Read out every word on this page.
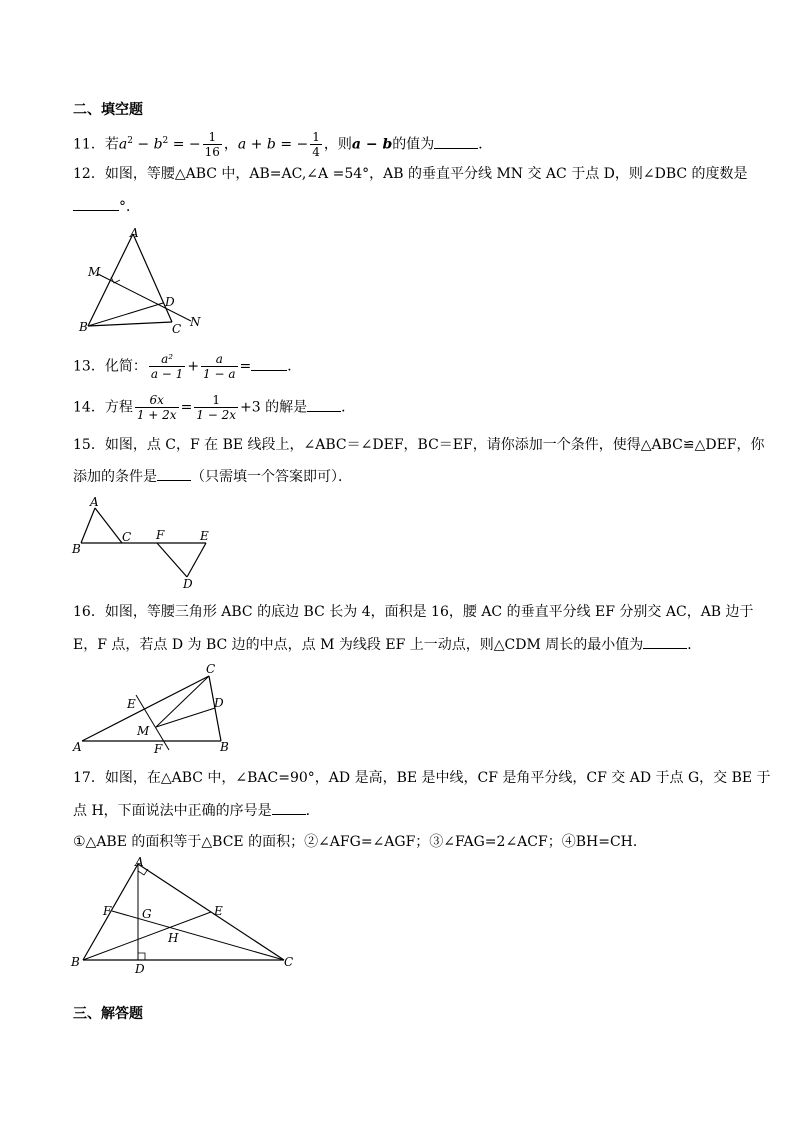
二、填空题
11．若$a^2 - b^2$ = − $\frac{1}{16}$ ，a + b = − $\frac{1}{4}$ ，则a − b的值为	．
12．如图，等腰△ABC 中，AB=AC,∠A =54°，AB 的垂直平分线 MN 交 AC 于点 D，则∠DBC 的度数是
°．
A
M
D
N
B	C
13．化简： $\frac{\text{a²}}{a - 1} + \frac{a}{1 - a}$ =	．
14．方程 $\frac{6x}{1 + 2x} = \frac{1}{1 - 2x} +3$ 的解是 ．
15．如图，点 C，F 在 BE 线段上，∠ABC＝∠DEF，BC＝EF，请你添加一个条件，使得△ABC≌△DEF，你
添加的条件是 （只需填一个答案即可）．
A
B
C F	E
D
16．如图，等腰三角形 ABC 的底边 BC 长为 4，面积是 16，腰 AC 的垂直平分线 EF 分别交 AC，AB 边于
E，F 点，若点 D 为 BC 边的中点，点 M 为线段 EF 上一动点，则△CDM 周长的最小值为	．
C
E	D
M
A	F	B
17．如图，在△ABC 中，∠BAC=90°，AD 是高，BE 是中线，CF 是角平分线，CF 交 AD 于点 G，交 BE 于
点 H，下面说法中正确的序号是 ．
①△ABE 的面积等于△BCE 的面积；②∠AFG=∠AGF；③∠FAG=2∠ACF；④BH=CH．
A
F	G	E
H
B	D	C
三、解答题
